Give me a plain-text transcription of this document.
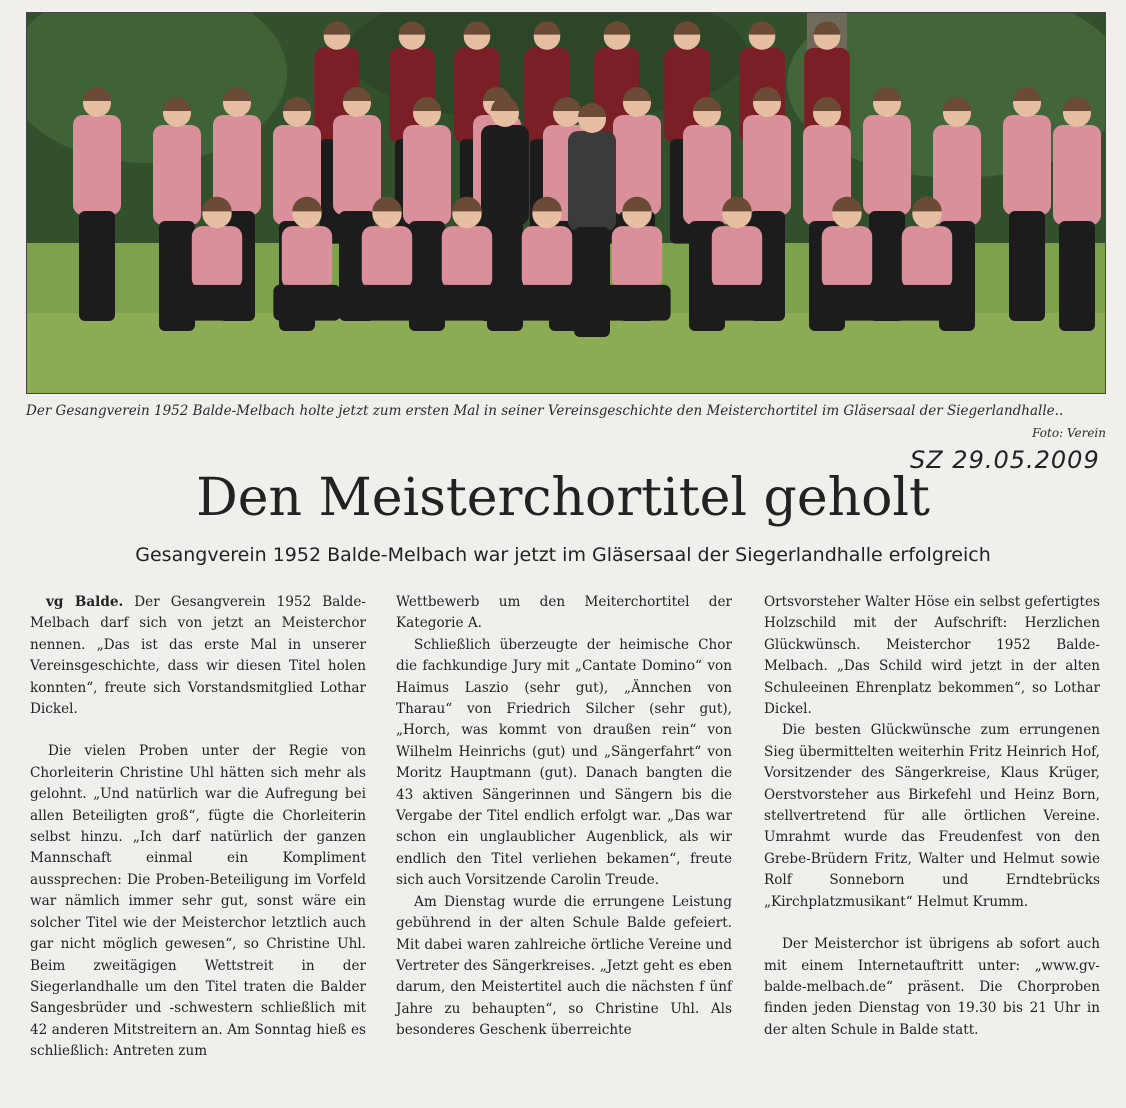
Der Gesangverein 1952 Balde-Melbach holte jetzt zum ersten Mal in seiner Vereinsgeschichte den Meisterchortitel im Gläsersaal der Siegerlandhalle..
Foto: Verein
SZ 29.05.2009
Den Meisterchortitel geholt
Gesangverein 1952 Balde-Melbach war jetzt im Gläsersaal der Siegerlandhalle erfolgreich

vg Balde. Der Gesangverein 1952 Balde-Melbach darf sich von jetzt an Meisterchor nennen. „Das ist das erste Mal in unserer Vereinsgeschichte, dass wir diesen Titel holen konnten“, freute sich Vorstandsmitglied Lothar Dickel.

Die vielen Proben unter der Regie von Chorleiterin Christine Uhl hätten sich mehr als gelohnt. „Und natürlich war die Aufregung bei allen Beteiligten groß“, fügte die Chorleiterin selbst hinzu. „Ich darf natürlich der ganzen Mannschaft einmal ein Kompliment aussprechen: Die Proben-Beteiligung im Vorfeld war nämlich immer sehr gut, sonst wäre ein solcher Titel wie der Meisterchor letztlich auch gar nicht möglich gewesen“, so Christine Uhl. Beim zweitägigen Wettstreit in der Siegerlandhalle um den Titel traten die Balder Sangesbrüder und -schwestern schließlich mit 42 anderen Mitstreitern an. Am Sonntag hieß es schließlich: Antreten zum

Wettbewerb um den Meiterchortitel der Kategorie A.

Schließlich überzeugte der heimische Chor die fachkundige Jury mit „Cantate Domino“ von Haimus Laszio (sehr gut), „Ännchen von Tharau“ von Friedrich Silcher (sehr gut), „Horch, was kommt von draußen rein“ von Wilhelm Heinrichs (gut) und „Sängerfahrt“ von Moritz Hauptmann (gut). Danach bangten die 43 aktiven Sängerinnen und Sängern bis die Vergabe der Titel endlich erfolgt war. „Das war schon ein unglaublicher Augenblick, als wir endlich den Titel verliehen bekamen“, freute sich auch Vorsitzende Carolin Treude.

Am Dienstag wurde die errungene Leistung gebührend in der alten Schule Balde gefeiert. Mit dabei waren zahlreiche örtliche Vereine und Vertreter des Sängerkreises. „Jetzt geht es eben darum, den Meistertitel auch die nächsten f ünf Jahre zu behaupten“, so Christine Uhl. Als besonderes Geschenk überreichte

Ortsvorsteher Walter Höse ein selbst gefertigtes Holzschild mit der Aufschrift: Herzlichen Glückwünsch. Meisterchor 1952 Balde-Melbach. „Das Schild wird jetzt in der alten Schuleeinen Ehrenplatz bekommen“, so Lothar Dickel.

Die besten Glückwünsche zum errungenen Sieg übermittelten weiterhin Fritz Heinrich Hof, Vorsitzender des Sängerkreise, Klaus Krüger, Oerstvorsteher aus Birkefehl und Heinz Born, stellvertretend für alle örtlichen Vereine. Umrahmt wurde das Freudenfest von den Grebe-Brüdern Fritz, Walter und Helmut sowie Rolf Sonneborn und Erndtebrücks „Kirchplatzmusikant“ Helmut Krumm.

Der Meisterchor ist übrigens ab sofort auch mit einem Internetauftritt unter: „www.gv-balde-melbach.de“ präsent. Die Chorproben finden jeden Dienstag von 19.30 bis 21 Uhr in der alten Schule in Balde statt.
